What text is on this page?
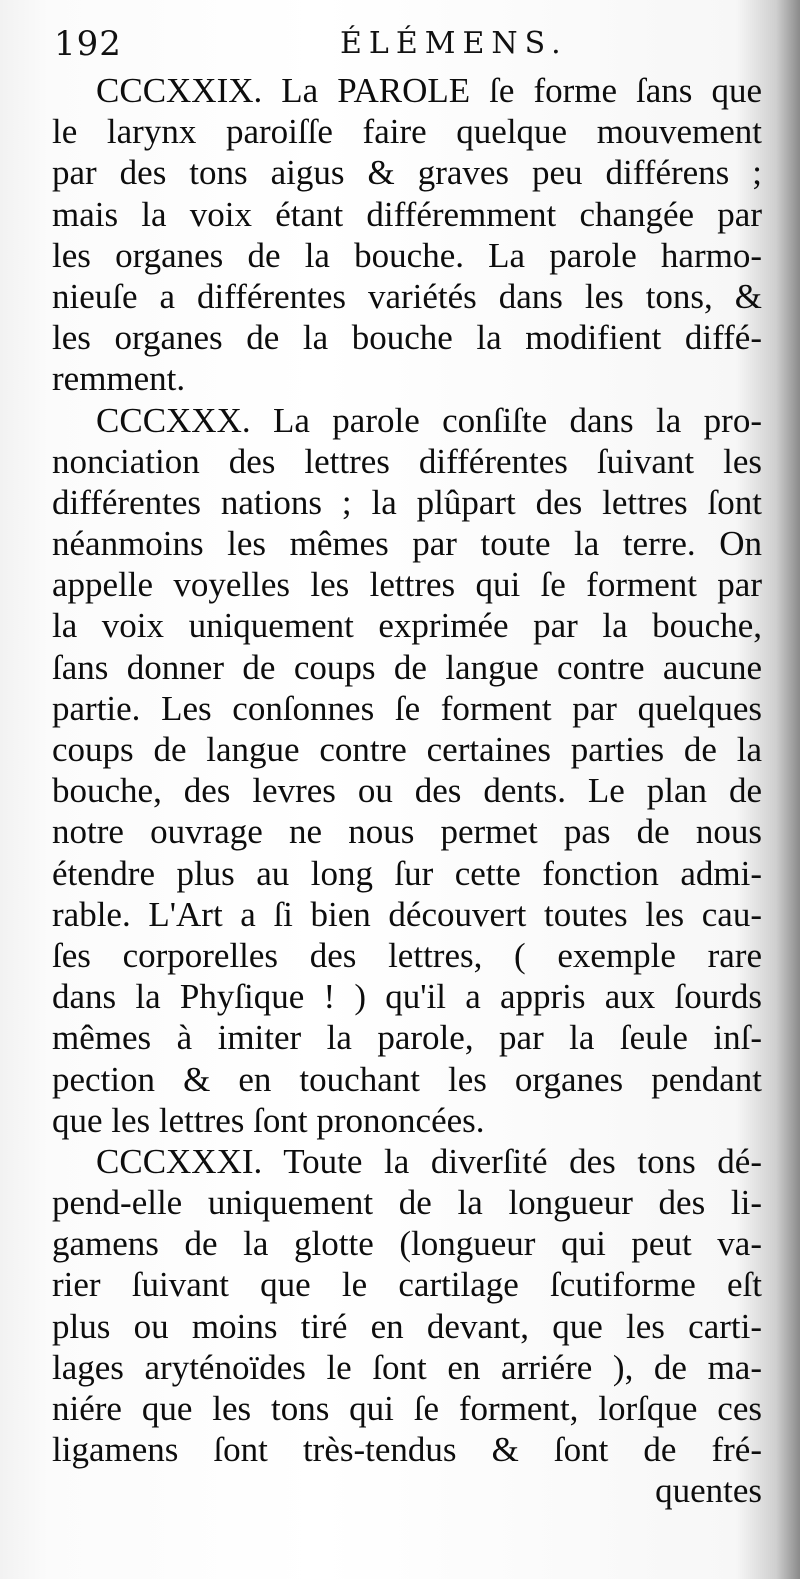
192	ÉLÉMENS.
CCCXXIX. La PAROLE ſe forme ſans que
le larynx paroiſſe faire quelque mouvement
par des tons aigus & graves peu différens ;
mais la voix étant différemment changée par
les organes de la bouche. La parole harmo-
nieuſe a différentes variétés dans les tons, &
les organes de la bouche la modifient diffé-
remment.
CCCXXX. La parole conſiſte dans la pro-
nonciation des lettres différentes ſuivant les
différentes nations ; la plûpart des lettres ſont
néanmoins les mêmes par toute la terre. On
appelle voyelles les lettres qui ſe forment par
la voix uniquement exprimée par la bouche,
ſans donner de coups de langue contre aucune
partie. Les conſonnes ſe forment par quelques
coups de langue contre certaines parties de la
bouche, des levres ou des dents. Le plan de
notre ouvrage ne nous permet pas de nous
étendre plus au long ſur cette fonction admi-
rable. L'Art a ſi bien découvert toutes les cau-
ſes corporelles des lettres, ( exemple rare
dans la Phyſique ! ) qu'il a appris aux ſourds
mêmes à imiter la parole, par la ſeule inſ-
pection & en touchant les organes pendant
que les lettres ſont prononcées.
CCCXXXI. Toute la diverſité des tons dé-
pend-elle uniquement de la longueur des li-
gamens de la glotte (longueur qui peut va-
rier ſuivant que le cartilage ſcutiforme eſt
plus ou moins tiré en devant, que les carti-
lages aryténoïdes le ſont en arriére ), de ma-
niére que les tons qui ſe forment, lorſque ces
ligamens ſont très-tendus & ſont de fré-
quentes
